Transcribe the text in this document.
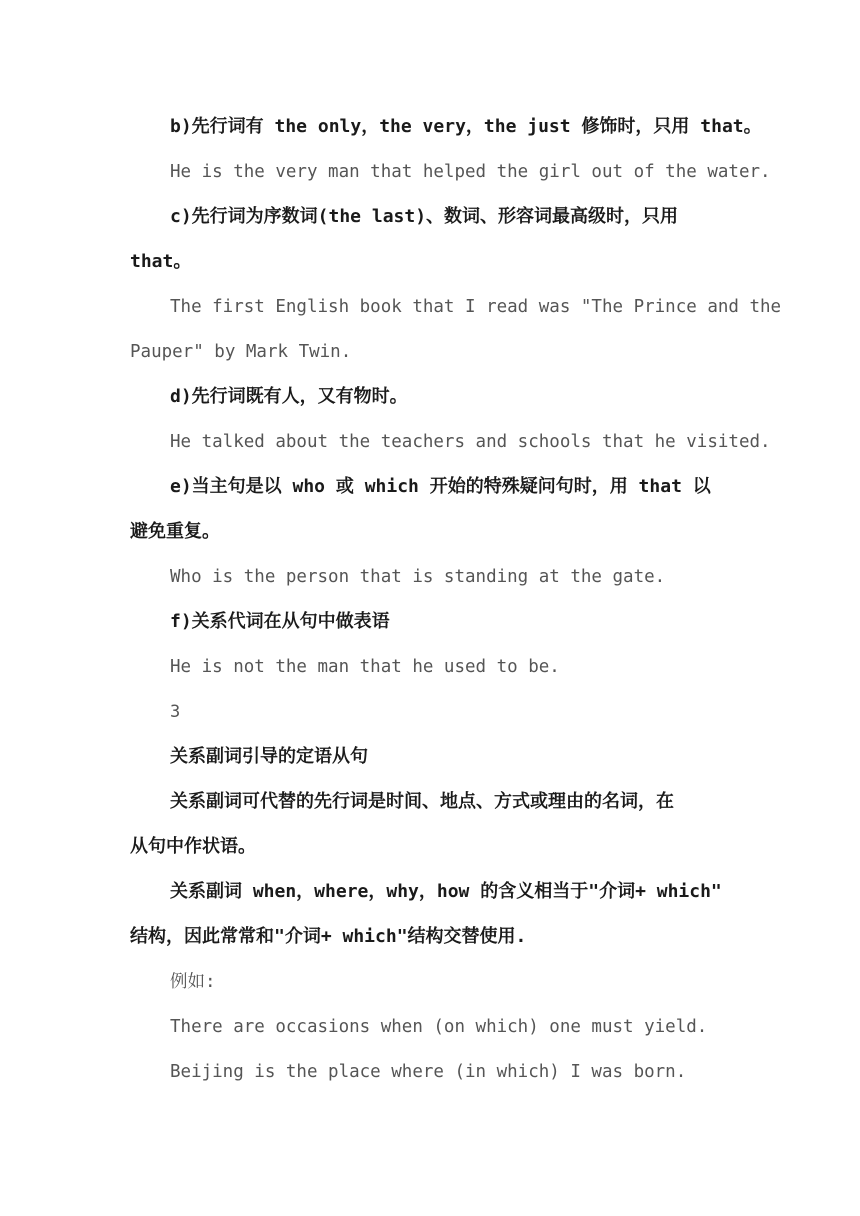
b)先行词有 the only，the very，the just 修饰时，只用 that。
He is the very man that helped the girl out of the water.
c)先行词为序数词(the last)、数词、形容词最高级时，只用
that。
The first English book that I read was "The Prince and the
Pauper" by Mark Twin.
d)先行词既有人，又有物时。
He talked about the teachers and schools that he visited.
e)当主句是以 who 或 which 开始的特殊疑问句时，用 that 以
避免重复。
Who is the person that is standing at the gate.
f)关系代词在从句中做表语
He is not the man that he used to be.
3
关系副词引导的定语从句
关系副词可代替的先行词是时间、地点、方式或理由的名词，在
从句中作状语。
关系副词 when，where，why，how 的含义相当于"介词+ which"
结构，因此常常和"介词+ which"结构交替使用.
例如:
There are occasions when (on which) one must yield.
Beijing is the place where (in which) I was born.
